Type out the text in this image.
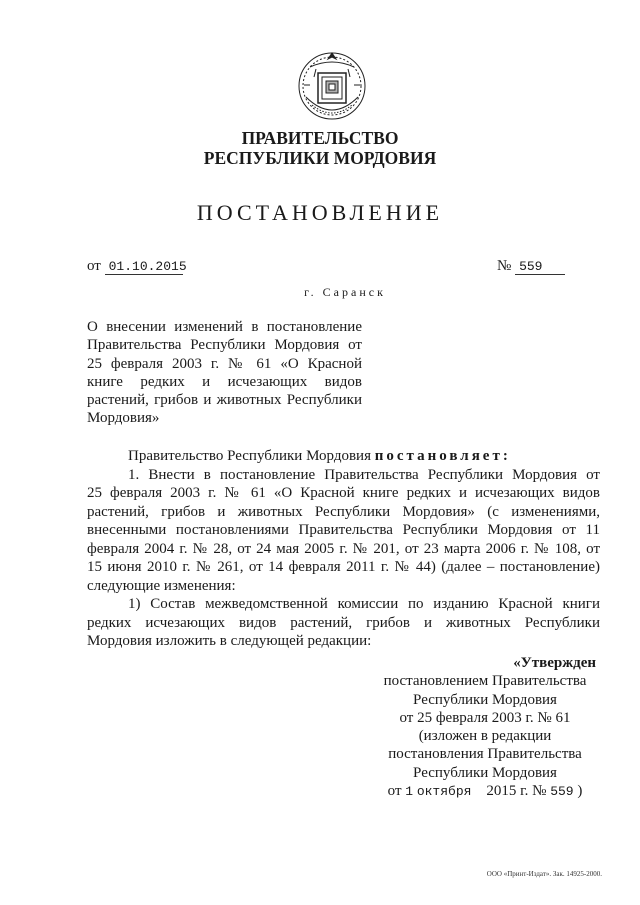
ПРАВИТЕЛЬСТВО
РЕСПУБЛИКИ МОРДОВИЯ
ПОСТАНОВЛЕНИЕ
от 01.10.2015	№ 559
г. Саранск
О внесении изменений в постановление
Правительства Республики Мордовия от
25 февраля 2003 г. № 61 «О Красной
книге редких и исчезающих видов
растений, грибов и животных Республики
Мордовия»
Правительство Республики Мордовия постановляет:
1. Внести в постановление Правительства Республики Мордовия от
25 февраля 2003 г. № 61 «О Красной книге редких и исчезающих видов
растений, грибов и животных Республики Мордовия» (с изменениями,
внесенными постановлениями Правительства Республики Мордовия от 11
февраля 2004 г. № 28, от 24 мая 2005 г. № 201, от 23 марта 2006 г. № 108, от
15 июня 2010 г. № 261, от 14 февраля 2011 г. № 44) (далее – постановление)
следующие изменения:
1) Состав межведомственной комиссии по изданию Красной книги
редких исчезающих видов растений, грибов и животных Республики
Мордовия изложить в следующей редакции:
«Утвержден
постановлением Правительства
Республики Мордовия
от 25 февраля 2003 г. № 61
(изложен в редакции
постановления Правительства
Республики Мордовия
от 1 октября 2015 г. № 559 )
ООО «Принт-Издат». Зак. 14925-2000.
